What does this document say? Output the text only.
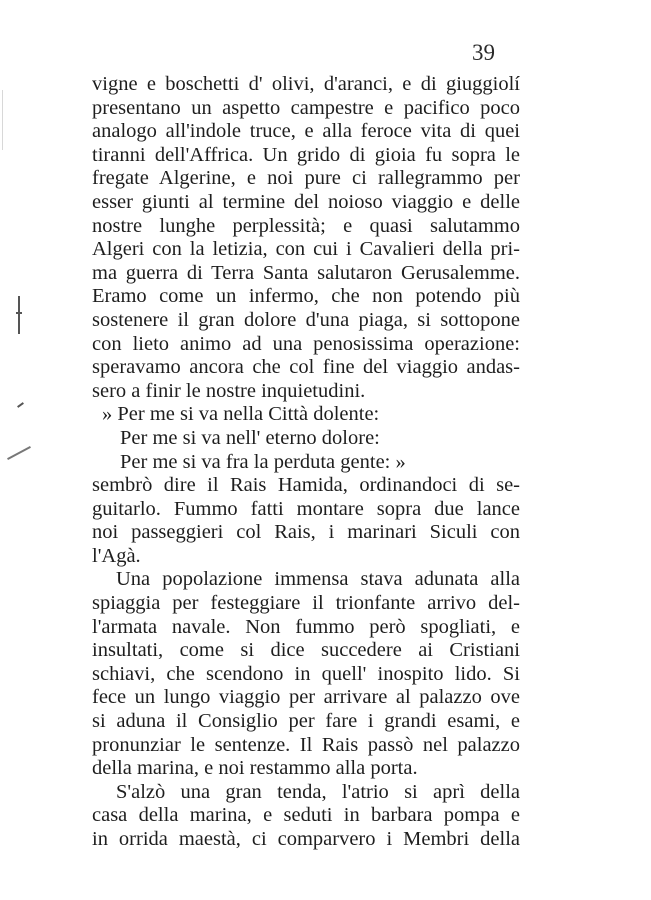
39
vigne e boschetti d' olivi, d'aranci, e di giuggiolí
presentano un aspetto campestre e pacifico poco
analogo all'indole truce, e alla feroce vita di quei
tiranni dell'Affrica. Un grido di gioia fu sopra le
fregate Algerine, e noi pure ci rallegrammo per
esser giunti al termine del noioso viaggio e delle
nostre lunghe perplessità; e quasi salutammo
Algeri con la letizia, con cui i Cavalieri della pri-
ma guerra di Terra Santa salutaron Gerusalemme.
Eramo come un infermo, che non potendo più
sostenere il gran dolore d'una piaga, si sottopone
con lieto animo ad una penosissima operazione:
speravamo ancora che col fine del viaggio andas-
sero a finir le nostre inquietudini.
» Per me si va nella Città dolente:
Per me si va nell' eterno dolore:
Per me si va fra la perduta gente: »
sembrò dire il Rais Hamida, ordinandoci di se-
guitarlo. Fummo fatti montare sopra due lance
noi passeggieri col Rais, i marinari Siculi con
l'Agà.
Una popolazione immensa stava adunata alla
spiaggia per festeggiare il trionfante arrivo del-
l'armata navale. Non fummo però spogliati, e
insultati, come si dice succedere ai Cristiani
schiavi, che scendono in quell' inospito lido. Si
fece un lungo viaggio per arrivare al palazzo ove
si aduna il Consiglio per fare i grandi esami, e
pronunziar le sentenze. Il Rais passò nel palazzo
della marina, e noi restammo alla porta.
S'alzò una gran tenda, l'atrio si aprì della
casa della marina, e seduti in barbara pompa e
in orrida maestà, ci comparvero i Membri della
